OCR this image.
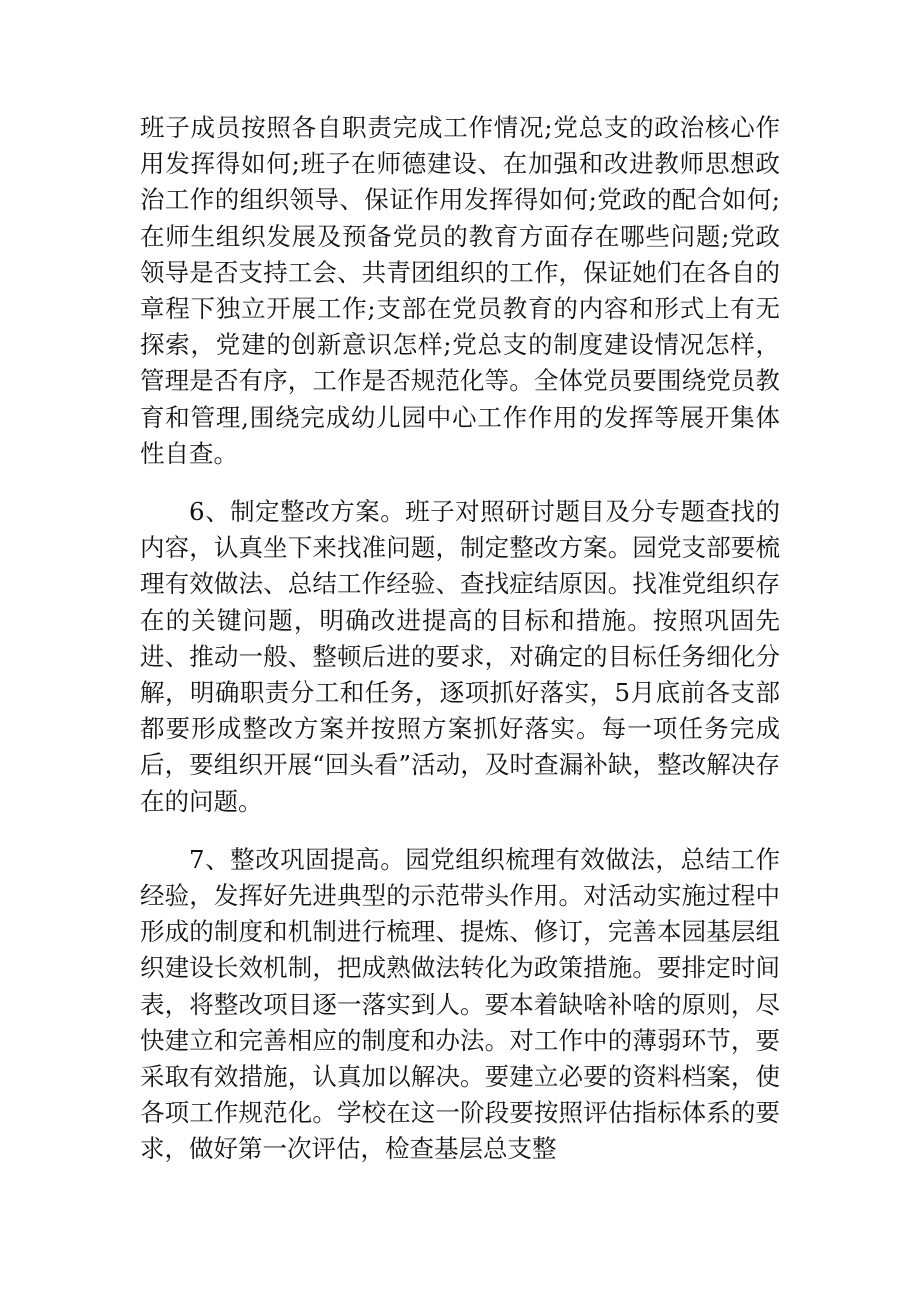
班子成员按照各自职责完成工作情况;党总支的政治核心作用发挥得如何;班子在师德建设、在加强和改进教师思想政治工作的组织领导、保证作用发挥得如何;党政的配合如何;在师生组织发展及预备党员的教育方面存在哪些问题;党政领导是否支持工会、共青团组织的工作，保证她们在各自的章程下独立开展工作;支部在党员教育的内容和形式上有无探索，党建的创新意识怎样;党总支的制度建设情况怎样，管理是否有序，工作是否规范化等。全体党员要围绕党员教育和管理,围绕完成幼儿园中心工作作用的发挥等展开集体性自查。

6、制定整改方案。班子对照研讨题目及分专题查找的内容，认真坐下来找准问题，制定整改方案。园党支部要梳理有效做法、总结工作经验、查找症结原因。找准党组织存在的关键问题，明确改进提高的目标和措施。按照巩固先进、推动一般、整顿后进的要求，对确定的目标任务细化分解，明确职责分工和任务，逐项抓好落实，5月底前各支部都要形成整改方案并按照方案抓好落实。每一项任务完成后，要组织开展“回头看”活动，及时查漏补缺，整改解决存在的问题。

7、整改巩固提高。园党组织梳理有效做法，总结工作经验，发挥好先进典型的示范带头作用。对活动实施过程中形成的制度和机制进行梳理、提炼、修订，完善本园基层组织建设长效机制，把成熟做法转化为政策措施。要排定时间表，将整改项目逐一落实到人。要本着缺啥补啥的原则，尽快建立和完善相应的制度和办法。对工作中的薄弱环节，要采取有效措施，认真加以解决。要建立必要的资料档案，使各项工作规范化。学校在这一阶段要按照评估指标体系的要求，做好第一次评估，检查基层总支整
